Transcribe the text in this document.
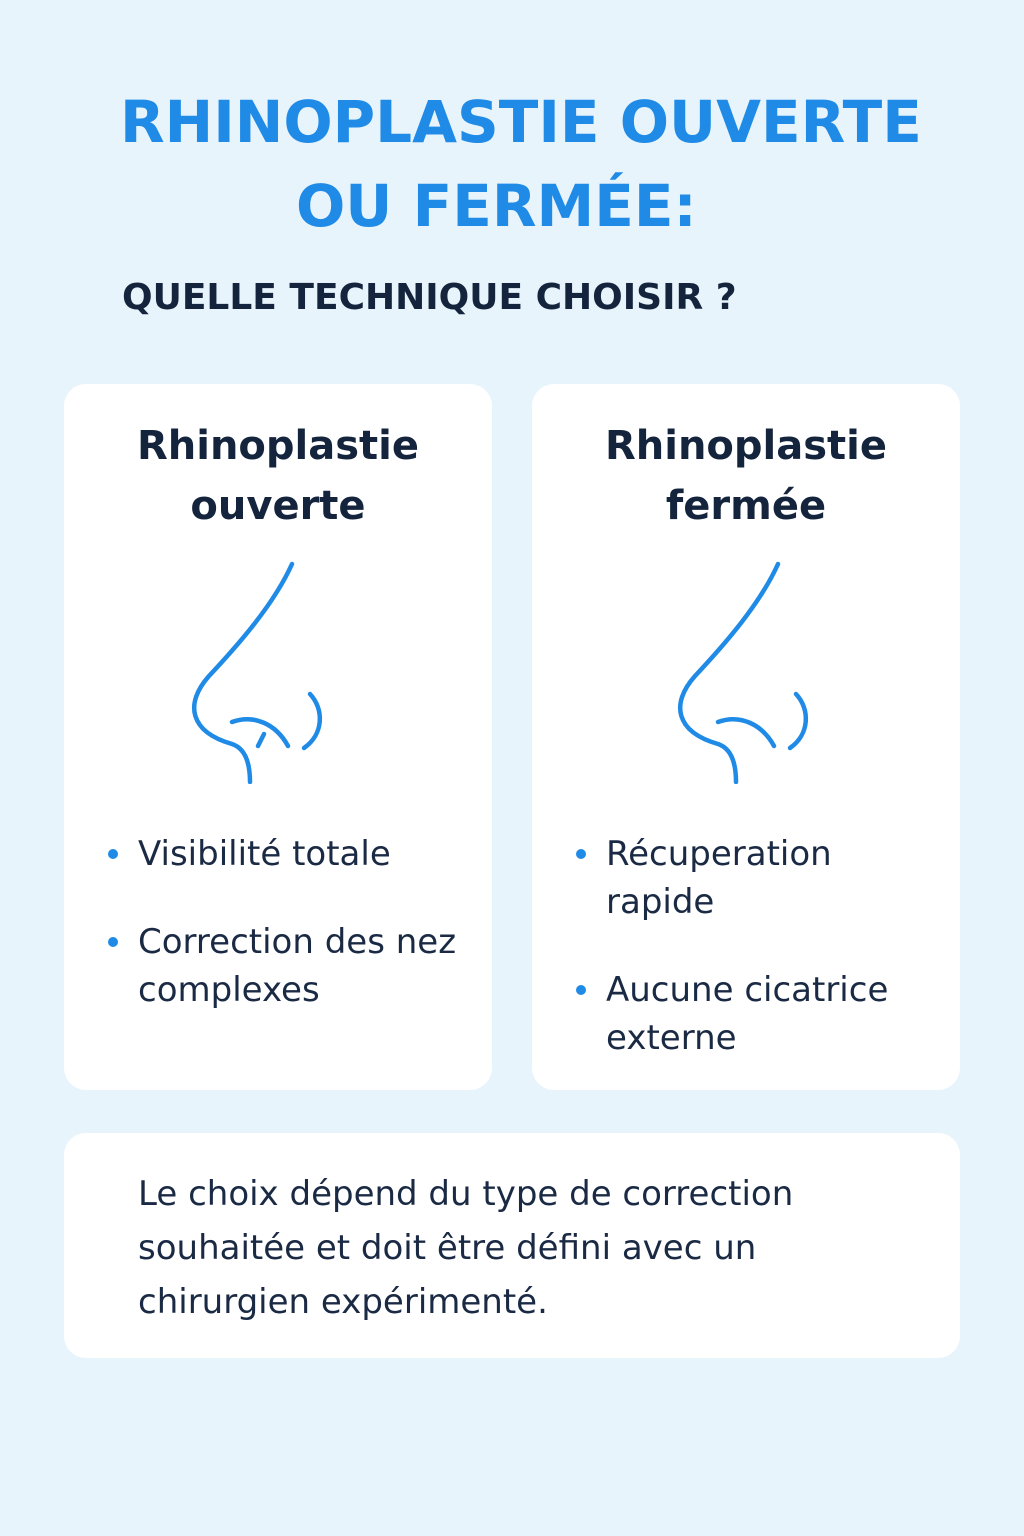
RHINOPLASTIE OUVERTE
OU FERMÉE:
QUELLE TECHNIQUE CHOISIR ?
Rhinoplastie
ouverte
Visibilité totale
Correction des nez complexes
Rhinoplastie
fermée
Récuperation rapide
Aucune cicatrice externe
Le choix dépend du type de correction souhaitée et doit être défini avec un chirurgien expérimenté.
